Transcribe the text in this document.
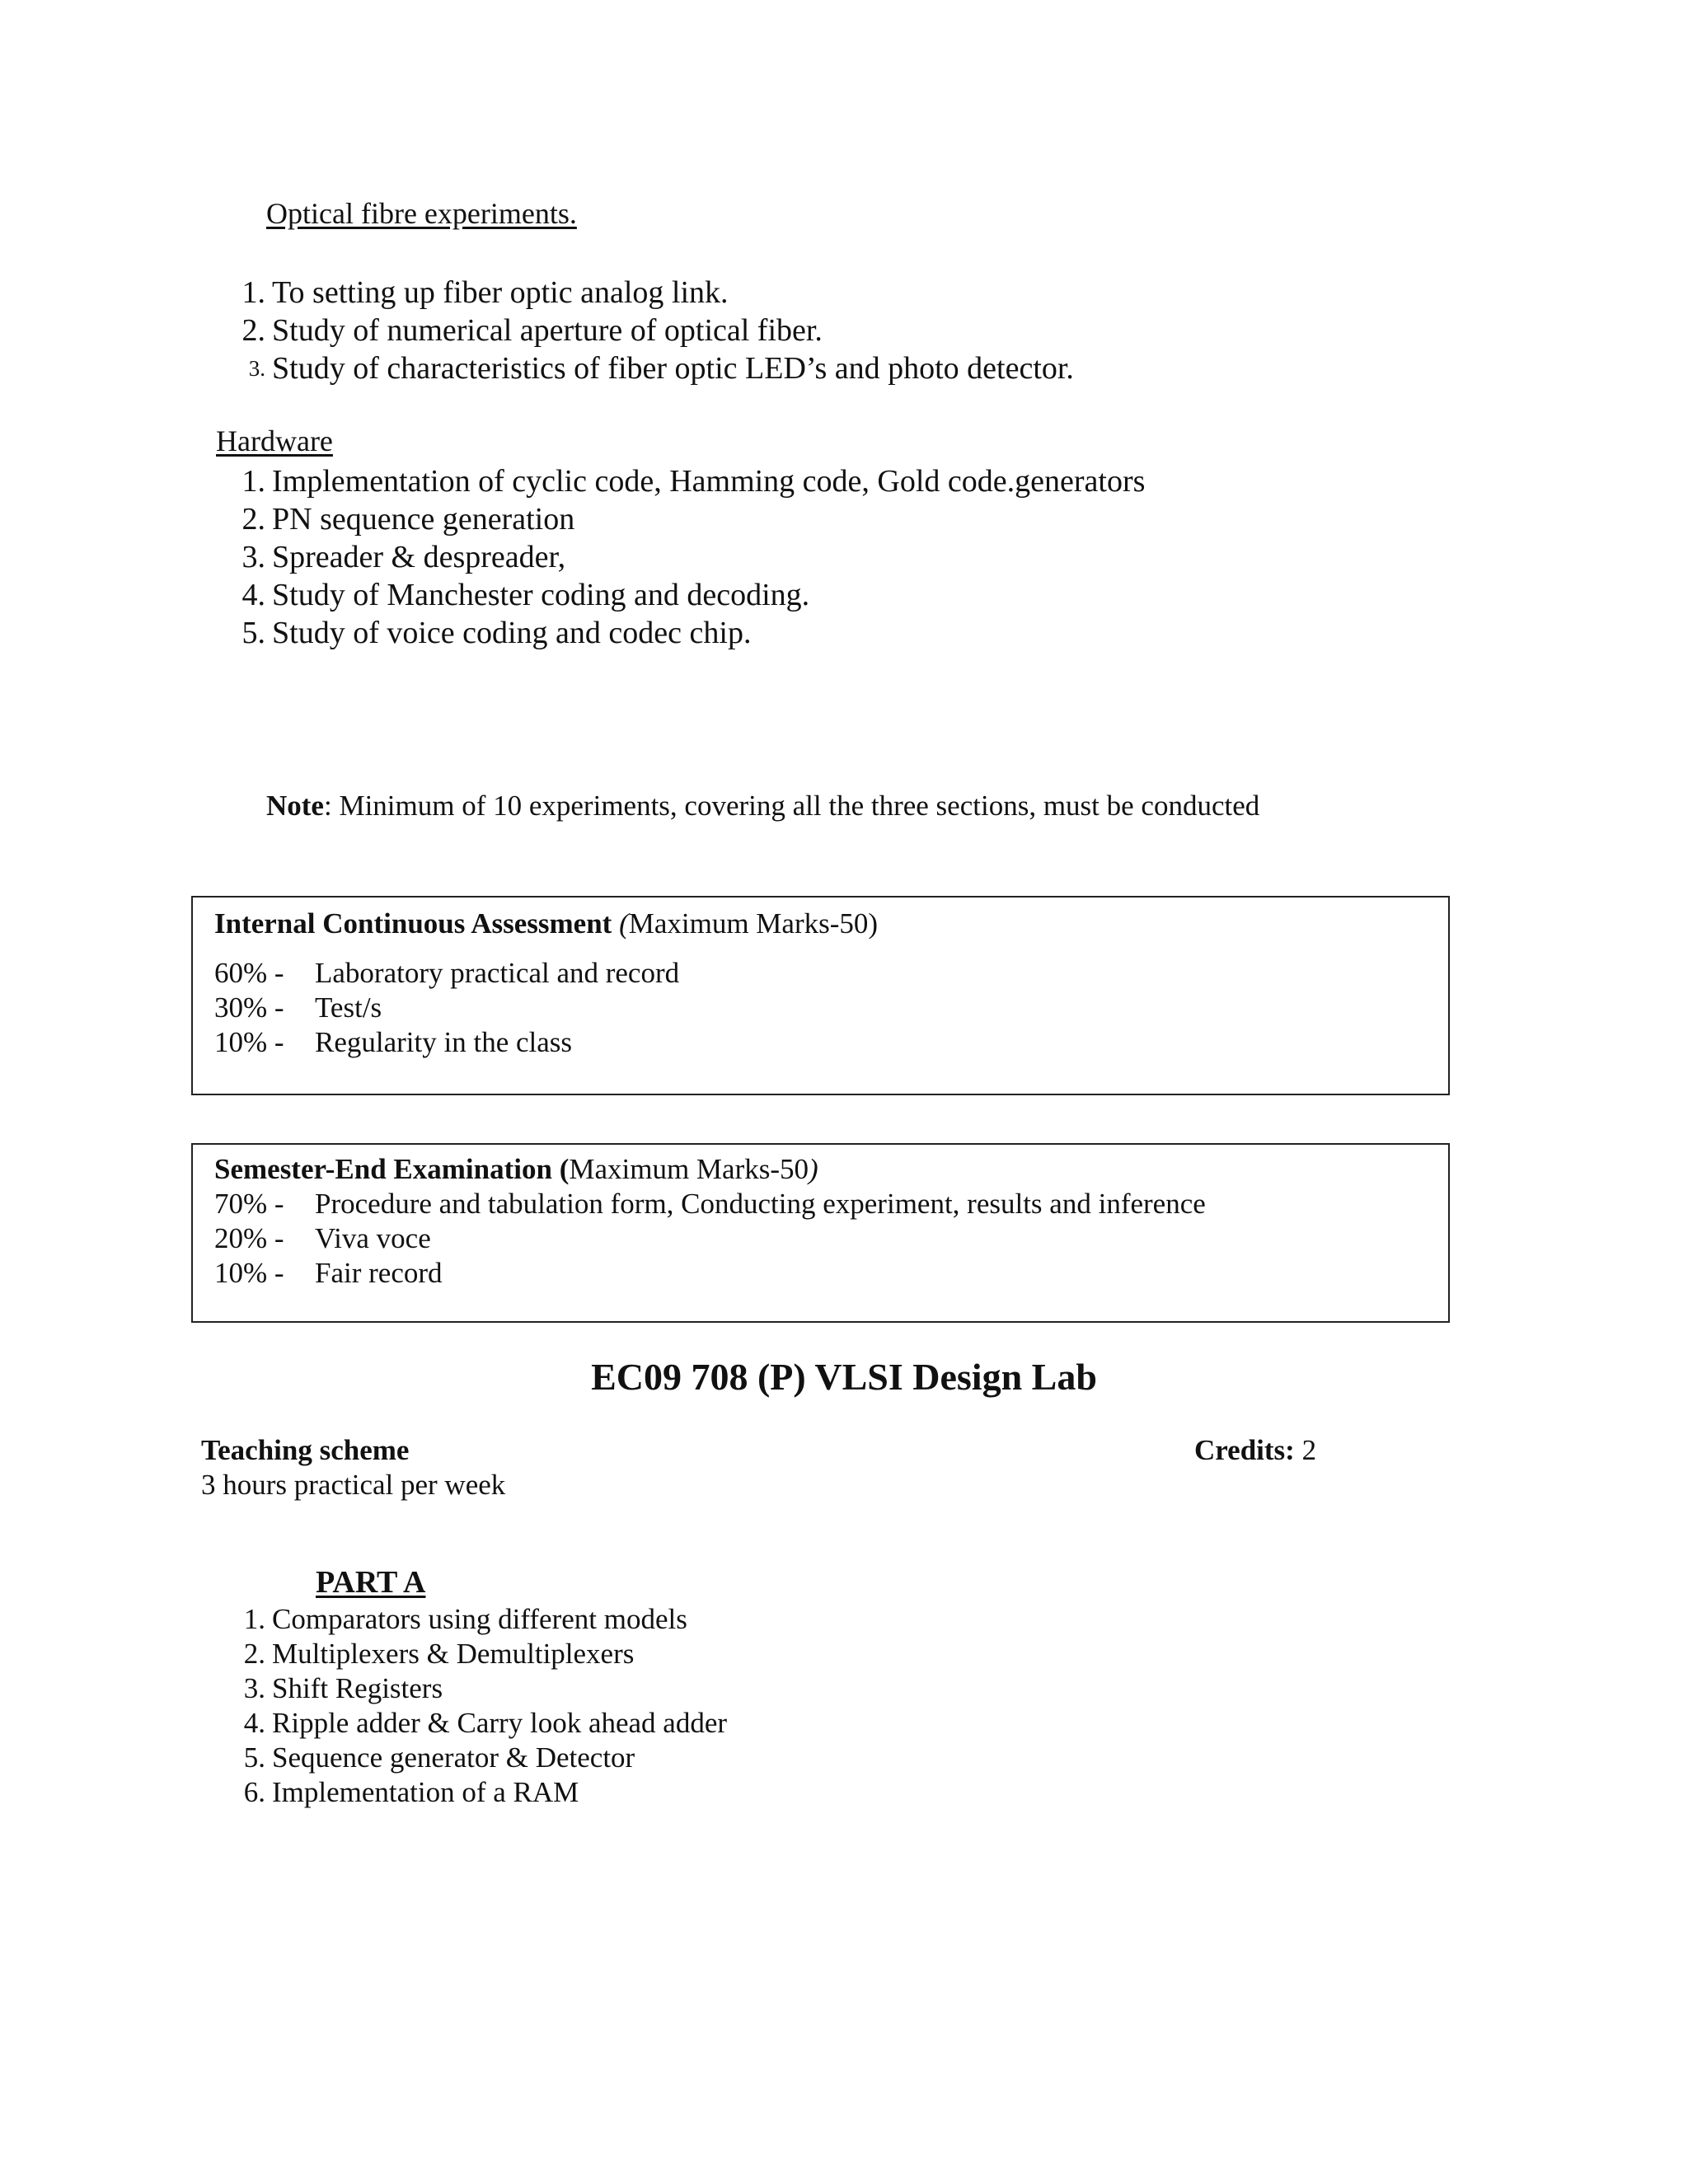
Optical fibre experiments.
1. To setting up fiber optic analog link.
2. Study of numerical aperture of optical fiber.
3. Study of characteristics of fiber optic LED’s and photo detector.
Hardware
1. Implementation of cyclic code, Hamming code, Gold code.generators
2. PN sequence generation
3. Spreader & despreader,
4. Study of Manchester coding and decoding.
5. Study of voice coding and codec chip.
Note: Minimum of 10 experiments, covering all the three sections, must be conducted
Internal Continuous Assessment (Maximum Marks-50)
60% - Laboratory practical and record
30% - Test/s
10% - Regularity in the class
Semester-End Examination (Maximum Marks-50)
70% - Procedure and tabulation form, Conducting experiment, results and inference
20% - Viva voce
10% - Fair record
EC09 708 (P) VLSI Design Lab
Teaching scheme	Credits: 2
3 hours practical per week
PART A
1. Comparators using different models
2. Multiplexers & Demultiplexers
3. Shift Registers
4. Ripple adder & Carry look ahead adder
5. Sequence generator & Detector
6. Implementation of a RAM
